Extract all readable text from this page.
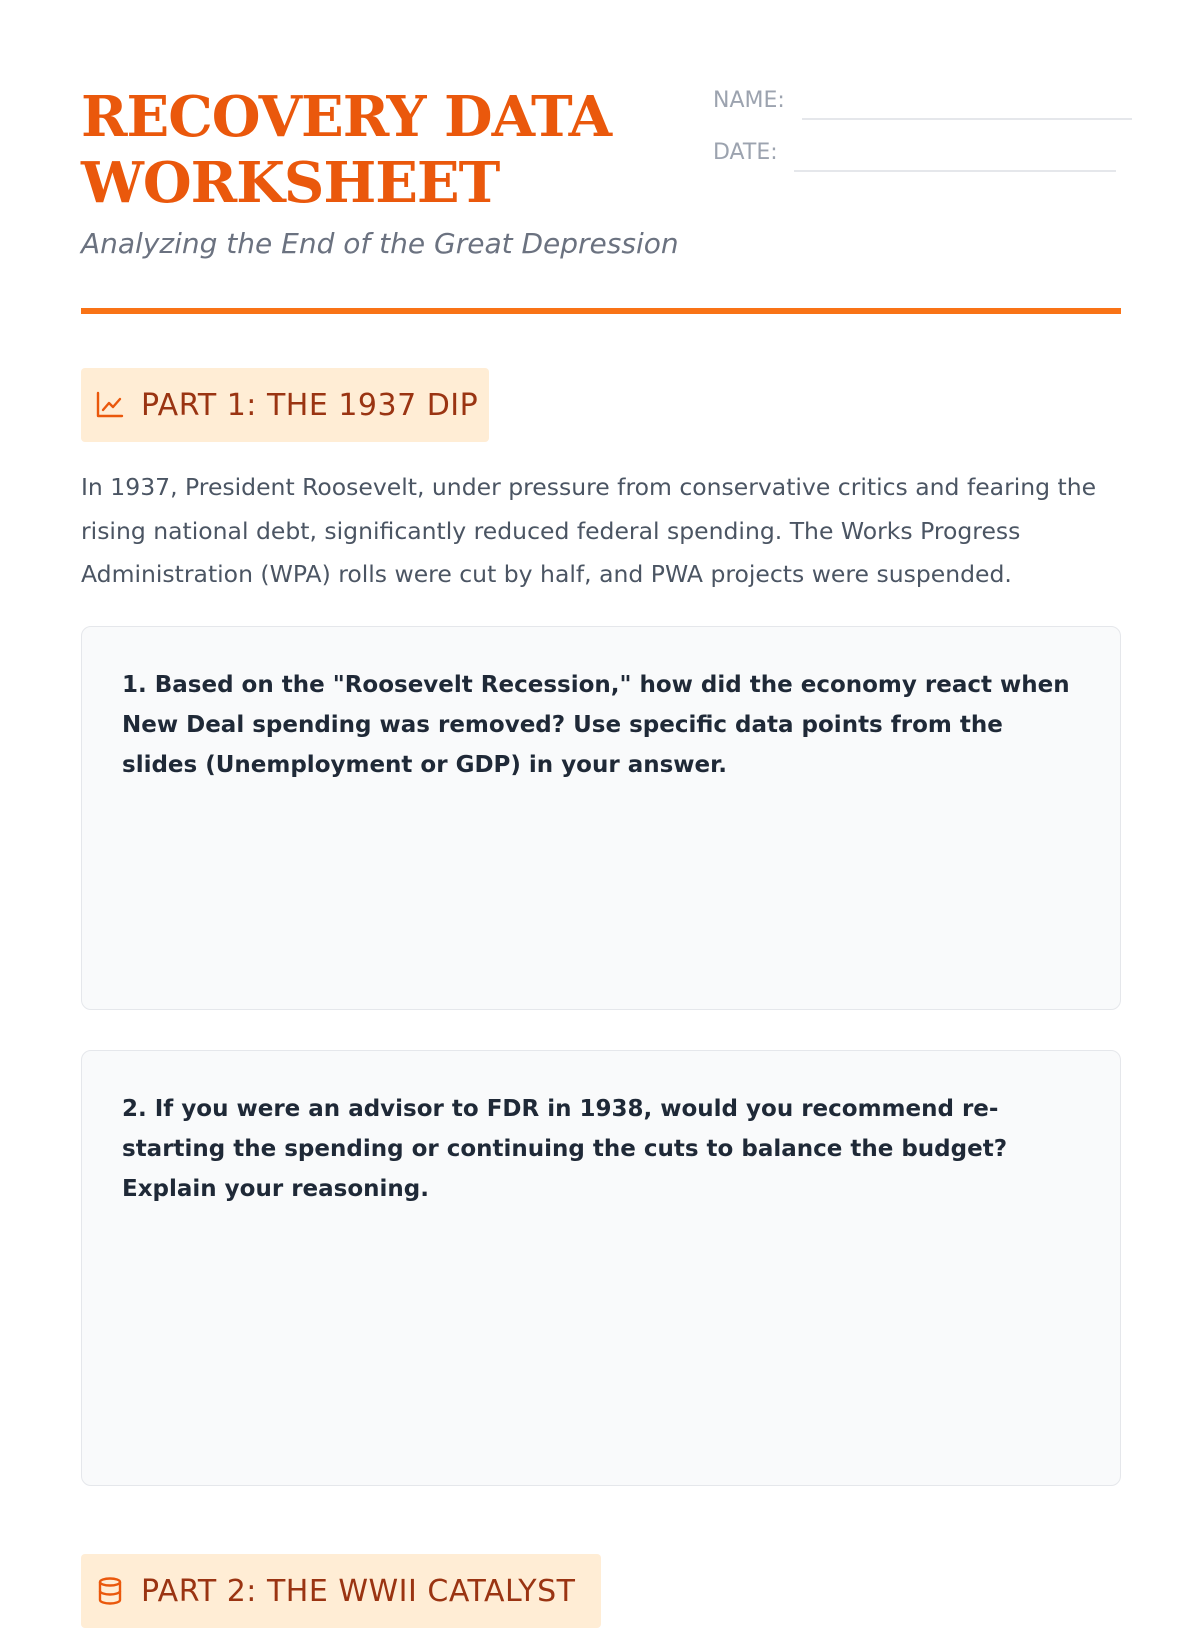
RECOVERY DATA
WORKSHEET

Analyzing the End of the Great Depression

NAME:
DATE:
PART 1: THE 1937 DIP

In 1937, President Roosevelt, under pressure from conservative critics and fearing the rising national debt, significantly reduced federal spending. The Works Progress Administration (WPA) rolls were cut by half, and PWA projects were suspended.

1. Based on the "Roosevelt Recession," how did the economy react when New Deal spending was removed? Use specific data points from the slides (Unemployment or GDP) in your answer.

2. If you were an advisor to FDR in 1938, would you recommend re-starting the spending or continuing the cuts to balance the budget? Explain your reasoning.

PART 2: THE WWII CATALYST
